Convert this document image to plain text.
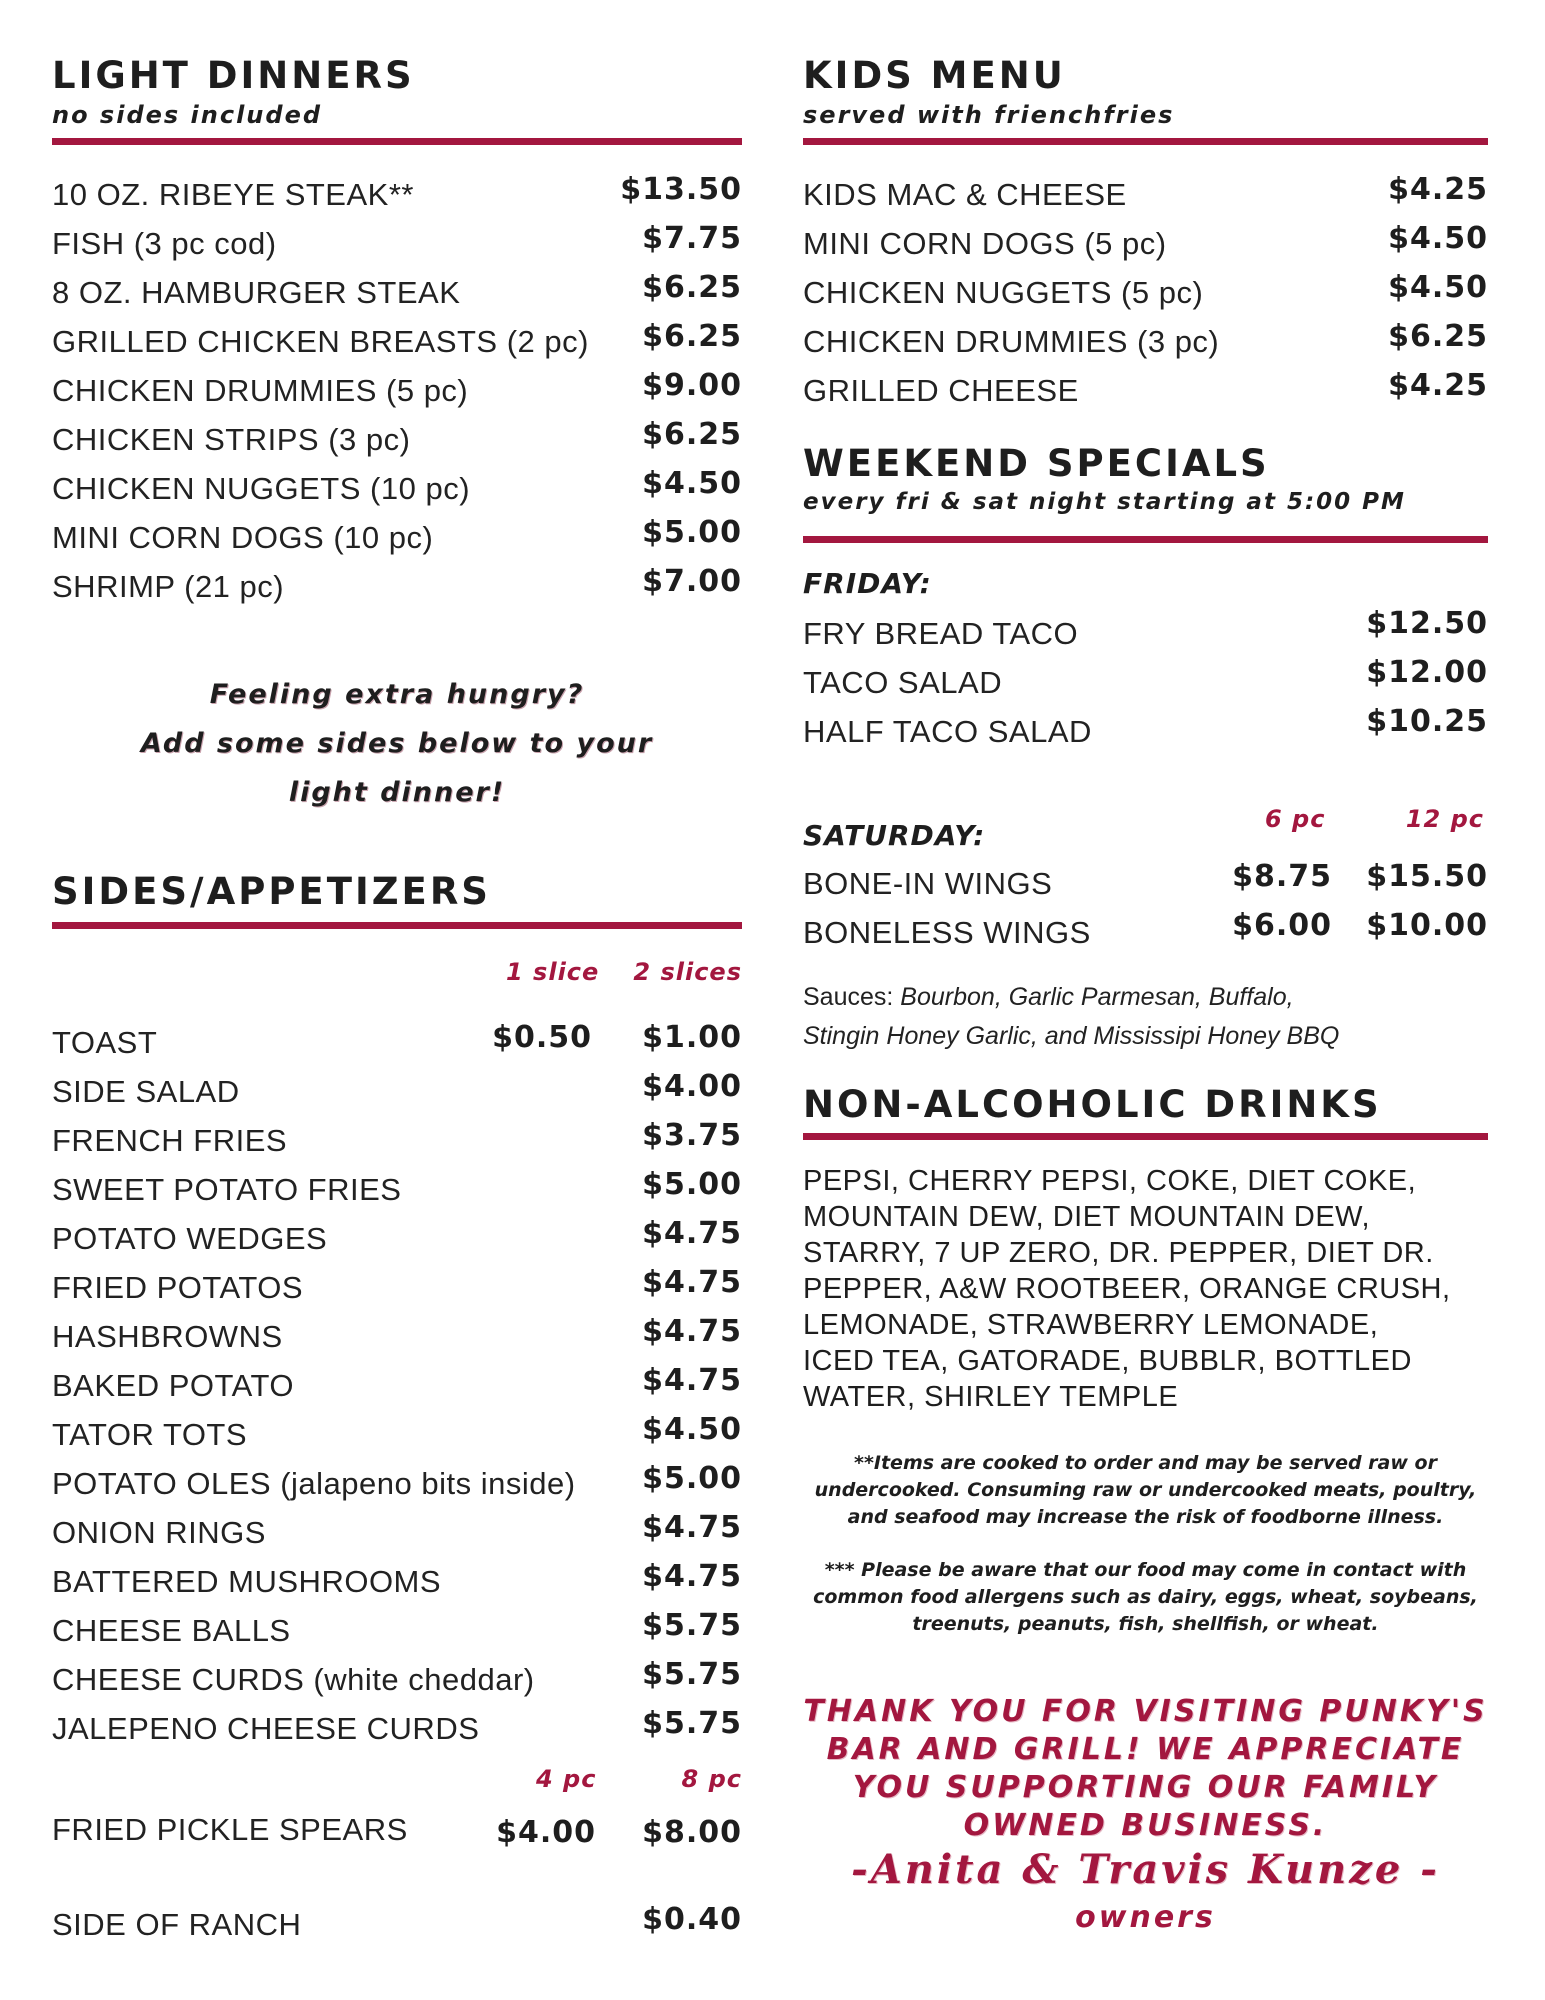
LIGHT DINNERS
no sides included
10 OZ. RIBEYE STEAK**	$13.50
FISH (3 pc cod)	$7.75
8 OZ. HAMBURGER STEAK	$6.25
GRILLED CHICKEN BREASTS (2 pc) $6.25
CHICKEN DRUMMIES (5 pc)	$9.00
CHICKEN STRIPS (3 pc)	$6.25
CHICKEN NUGGETS (10 pc)	$4.50
MINI CORN DOGS (10 pc)	$5.00
SHRIMP (21 pc)	$7.00
Feeling extra hungry?
Add some sides below to your
light dinner!
SIDES/APPETIZERS
1 slice 2 slices
TOAST	$0.50 $1.00
SIDE SALAD	$4.00
FRENCH FRIES	$3.75
SWEET POTATO FRIES	$5.00
POTATO WEDGES	$4.75
FRIED POTATOS	$4.75
HASHBROWNS	$4.75
BAKED POTATO	$4.75
TATOR TOTS	$4.50
POTATO OLES (jalapeno bits inside) $5.00
ONION RINGS	$4.75
BATTERED MUSHROOMS	$4.75
CHEESE BALLS	$5.75
CHEESE CURDS (white cheddar)	$5.75
JALEPENO CHEESE CURDS	$5.75
4 pc	8 pc
FRIED PICKLE SPEARS	$4.00 $8.00
SIDE OF RANCH	$0.40
KIDS MENU
served with frienchfries
KIDS MAC & CHEESE	$4.25
MINI CORN DOGS (5 pc)	$4.50
CHICKEN NUGGETS (5 pc)	$4.50
CHICKEN DRUMMIES (3 pc)	$6.25
GRILLED CHEESE	$4.25
WEEKEND SPECIALS
every fri & sat night starting at 5:00 PM
FRIDAY:
FRY BREAD TACO	$12.50
TACO SALAD	$12.00
HALF TACO SALAD	$10.25
6 pc	12 pc
SATURDAY:
BONE-IN WINGS	$8.75 $15.50
BONELESS WINGS	$6.00 $10.00
Sauces: Bourbon, Garlic Parmesan, Buffalo,
Stingin Honey Garlic, and Mississipi Honey BBQ
NON-ALCOHOLIC DRINKS
PEPSI, CHERRY PEPSI, COKE, DIET COKE,
MOUNTAIN DEW, DIET MOUNTAIN DEW,
STARRY, 7 UP ZERO, DR. PEPPER, DIET DR.
PEPPER, A&W ROOTBEER, ORANGE CRUSH,
LEMONADE, STRAWBERRY LEMONADE,
ICED TEA, GATORADE, BUBBLR, BOTTLED
WATER, SHIRLEY TEMPLE
**Items are cooked to order and may be served raw or
undercooked. Consuming raw or undercooked meats, poultry,
and seafood may increase the risk of foodborne illness.
*** Please be aware that our food may come in contact with
common food allergens such as dairy, eggs, wheat, soybeans,
treenuts, peanuts, fish, shellfish, or wheat.
THANK YOU FOR VISITING PUNKY'S
BAR AND GRILL! WE APPRECIATE
YOU SUPPORTING OUR FAMILY
OWNED BUSINESS.
-Anita & Travis Kunze -
owners
